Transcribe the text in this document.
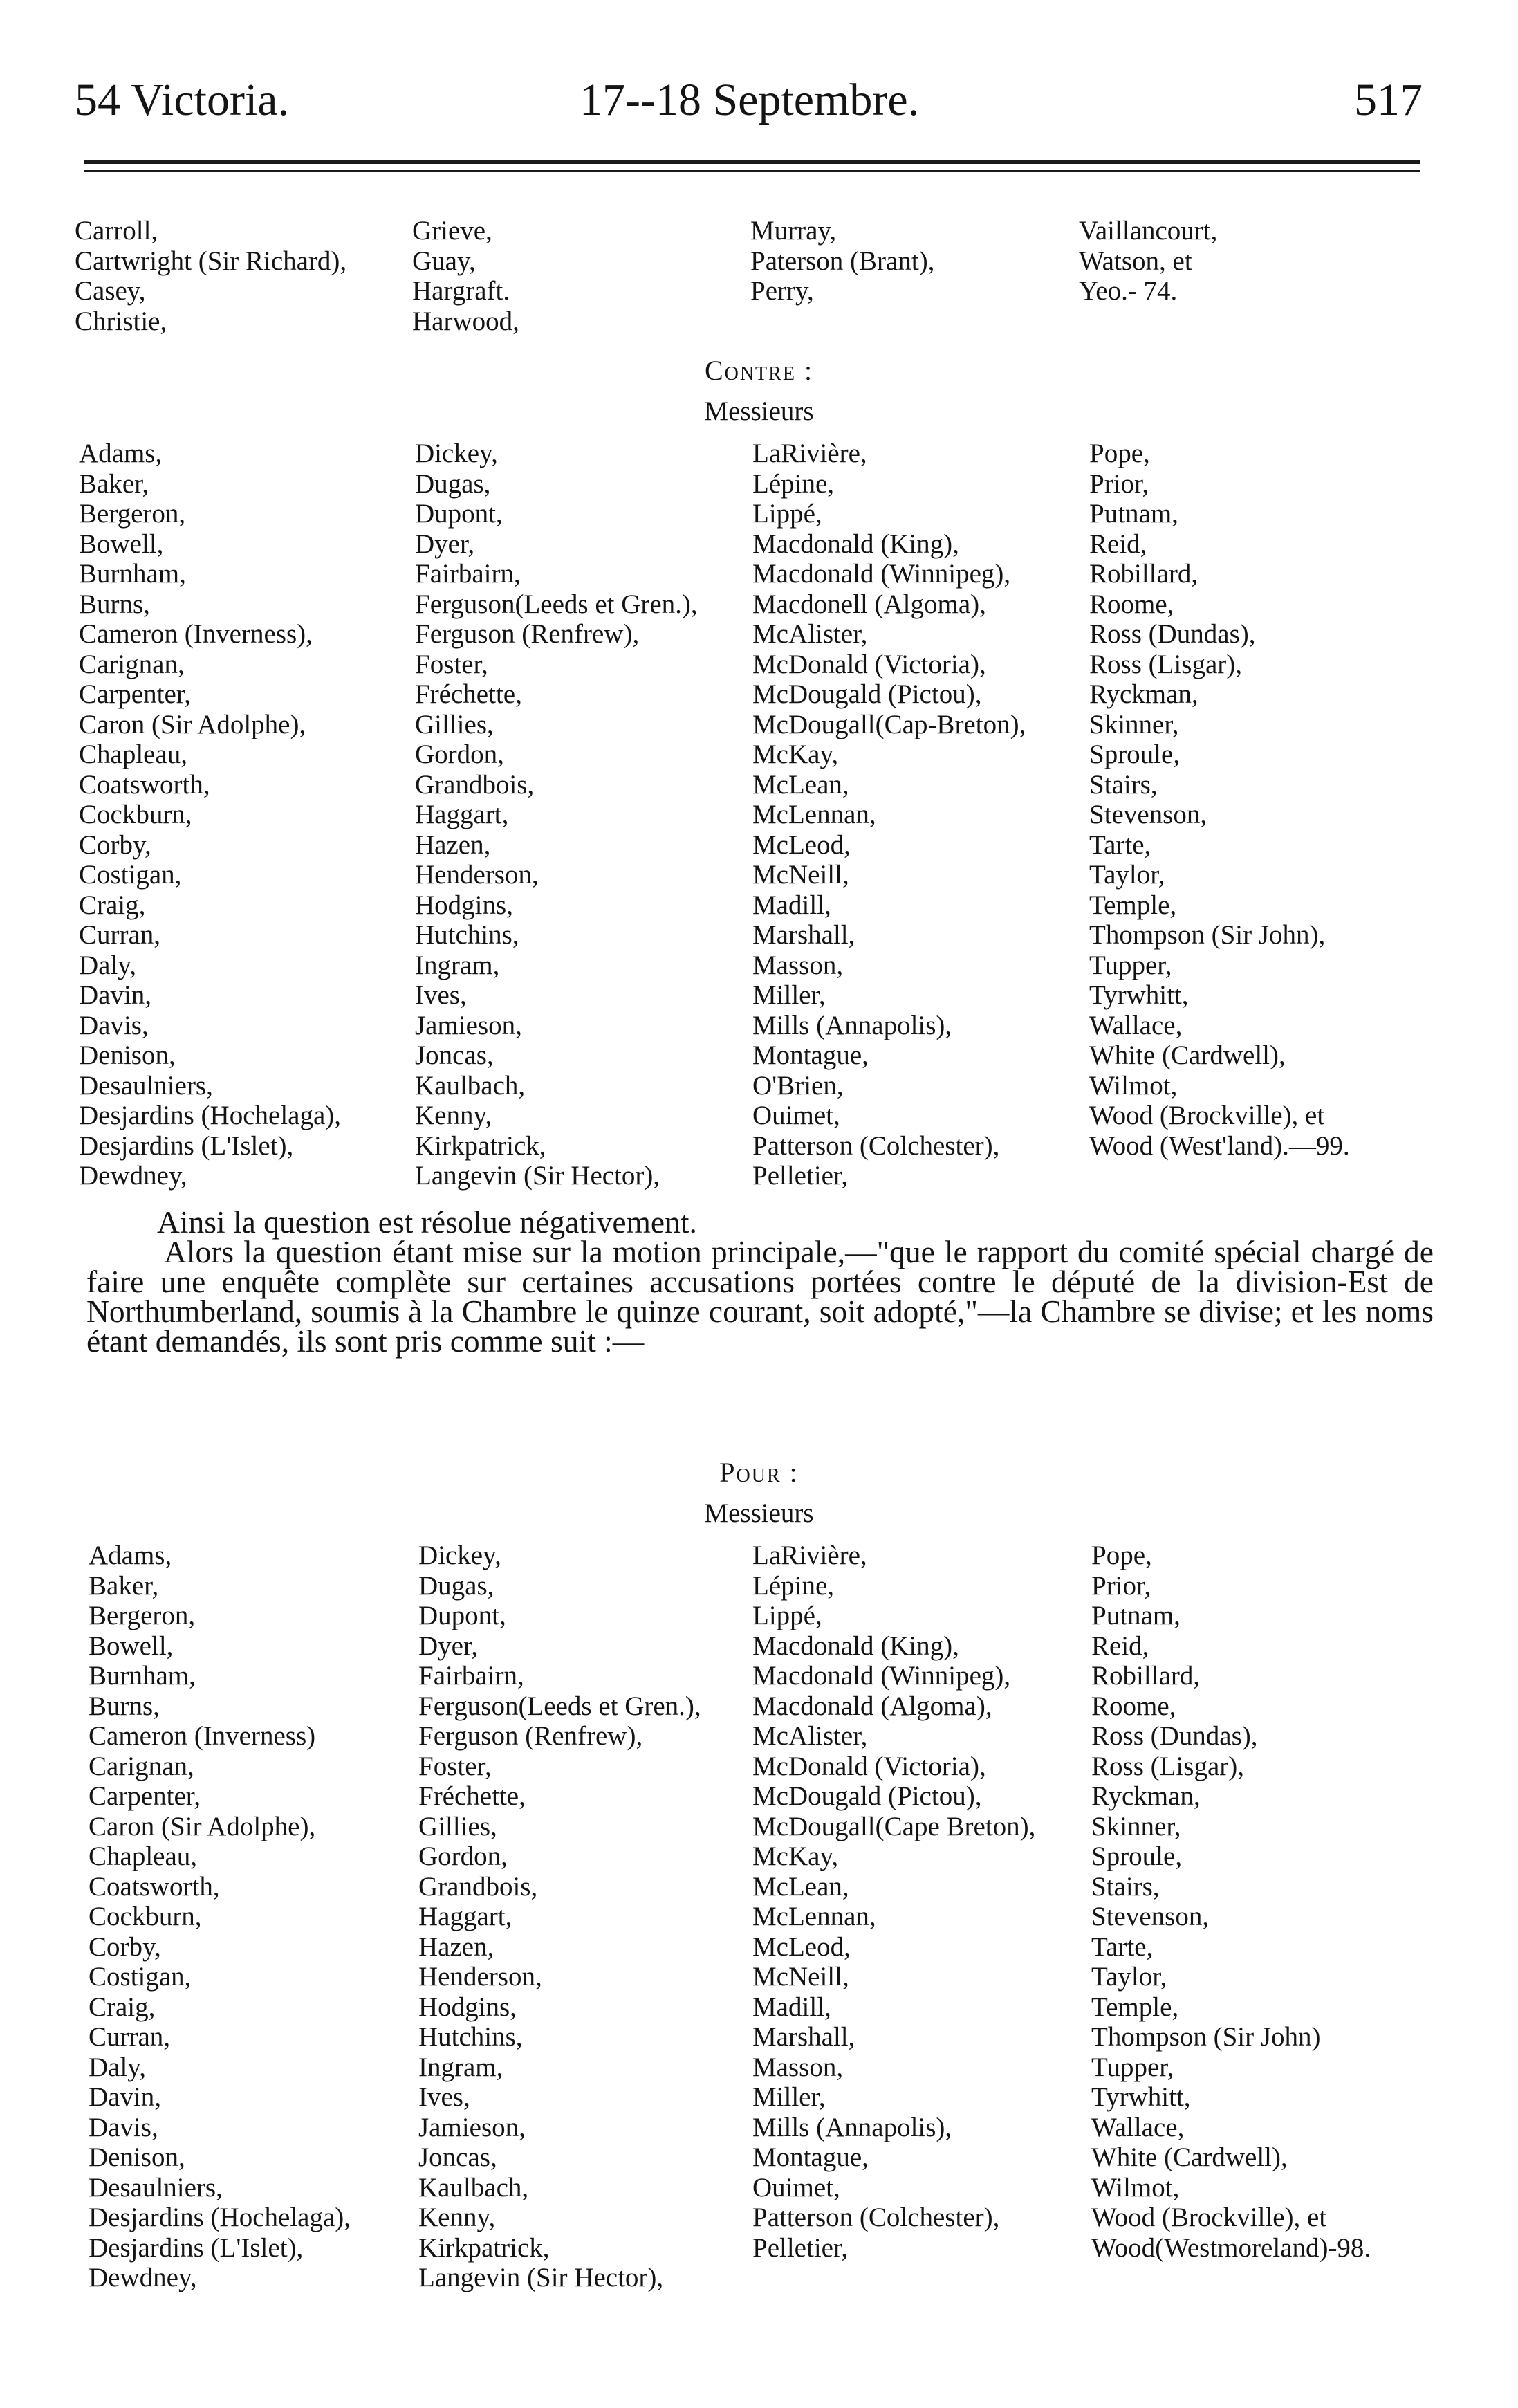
54 Victoria.	17--18 Septembre.	517
Carroll,
Cartwright (Sir Richard),
Casey,
Christie,
Grieve,
Guay,
Hargraft.
Harwood,
Murray,
Paterson (Brant),
Perry,
Vaillancourt,
Watson, et
Yeo.- 74.
Contre :
Messieurs
Adams,
Baker,
Bergeron,
Bowell,
Burnham,
Burns,
Cameron (Inverness),
Carignan,
Carpenter,
Caron (Sir Adolphe),
Chapleau,
Coatsworth,
Cockburn,
Corby,
Costigan,
Craig,
Curran,
Daly,
Davin,
Davis,
Denison,
Desaulniers,
Desjardins (Hochelaga),
Desjardins (L'Islet),
Dewdney,
Dickey,
Dugas,
Dupont,
Dyer,
Fairbairn,
Ferguson(Leeds et Gren.),
Ferguson (Renfrew),
Foster,
Fréchette,
Gillies,
Gordon,
Grandbois,
Haggart,
Hazen,
Henderson,
Hodgins,
Hutchins,
Ingram,
Ives,
Jamieson,
Joncas,
Kaulbach,
Kenny,
Kirkpatrick,
Langevin (Sir Hector),
LaRivière,
Lépine,
Lippé,
Macdonald (King),
Macdonald (Winnipeg),
Macdonell (Algoma),
McAlister,
McDonald (Victoria),
McDougald (Pictou),
McDougall(Cap-Breton),
McKay,
McLean,
McLennan,
McLeod,
McNeill,
Madill,
Marshall,
Masson,
Miller,
Mills (Annapolis),
Montague,
O'Brien,
Ouimet,
Patterson (Colchester),
Pelletier,
Pope,
Prior,
Putnam,
Reid,
Robillard,
Roome,
Ross (Dundas),
Ross (Lisgar),
Ryckman,
Skinner,
Sproule,
Stairs,
Stevenson,
Tarte,
Taylor,
Temple,
Thompson (Sir John),
Tupper,
Tyrwhitt,
Wallace,
White (Cardwell),
Wilmot,
Wood (Brockville), et
Wood (West'land).—99.

Ainsi la question est résolue négativement.

Alors la question étant mise sur la motion principale,—"que le rapport du comité spécial chargé de faire une enquête complète sur certaines accusations portées contre le député de la division-Est de Northumberland, soumis à la Chambre le quinze courant, soit adopté,"—la Chambre se divise; et les noms étant demandés, ils sont pris comme suit :—

Pour :
Messieurs
Adams,
Baker,
Bergeron,
Bowell,
Burnham,
Burns,
Cameron (Inverness)
Carignan,
Carpenter,
Caron (Sir Adolphe),
Chapleau,
Coatsworth,
Cockburn,
Corby,
Costigan,
Craig,
Curran,
Daly,
Davin,
Davis,
Denison,
Desaulniers,
Desjardins (Hochelaga),
Desjardins (L'Islet),
Dewdney,
Dickey,
Dugas,
Dupont,
Dyer,
Fairbairn,
Ferguson(Leeds et Gren.),
Ferguson (Renfrew),
Foster,
Fréchette,
Gillies,
Gordon,
Grandbois,
Haggart,
Hazen,
Henderson,
Hodgins,
Hutchins,
Ingram,
Ives,
Jamieson,
Joncas,
Kaulbach,
Kenny,
Kirkpatrick,
Langevin (Sir Hector),
LaRivière,
Lépine,
Lippé,
Macdonald (King),
Macdonald (Winnipeg),
Macdonald (Algoma),
McAlister,
McDonald (Victoria),
McDougald (Pictou),
McDougall(Cape Breton),
McKay,
McLean,
McLennan,
McLeod,
McNeill,
Madill,
Marshall,
Masson,
Miller,
Mills (Annapolis),
Montague,
Ouimet,
Patterson (Colchester),
Pelletier,
Pope,
Prior,
Putnam,
Reid,
Robillard,
Roome,
Ross (Dundas),
Ross (Lisgar),
Ryckman,
Skinner,
Sproule,
Stairs,
Stevenson,
Tarte,
Taylor,
Temple,
Thompson (Sir John)
Tupper,
Tyrwhitt,
Wallace,
White (Cardwell),
Wilmot,
Wood (Brockville), et
Wood(Westmoreland)-98.
